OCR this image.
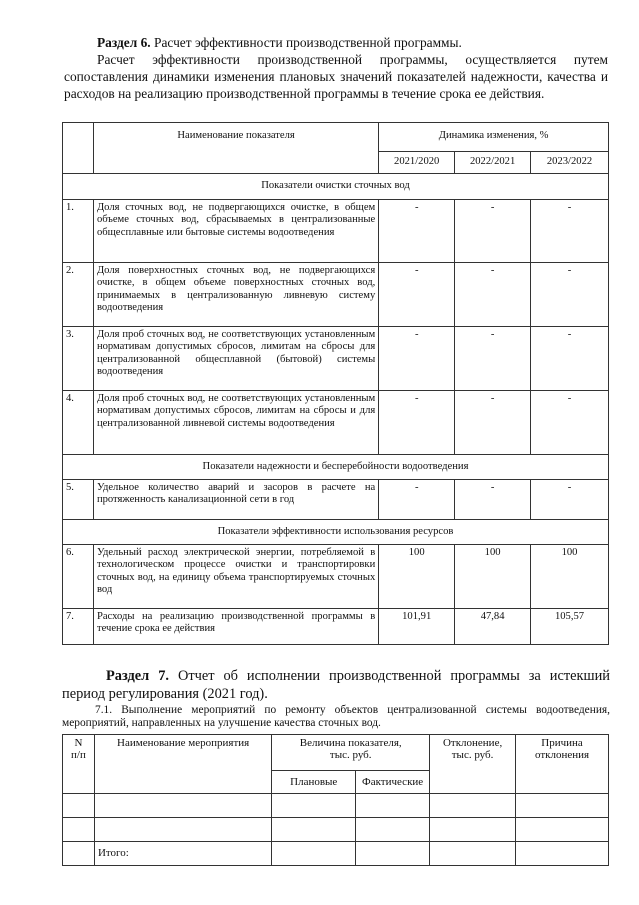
Раздел 6. Расчет эффективности производственной программы.
Расчет эффективности производственной программы, осуществляется путем сопоставления динамики изменения плановых значений показателей надежности, качества и расходов на реализацию производственной программы в течение срока ее действия.
	Наименование показателя	Динамика изменения, %		
		2021/2020	2022/2021	2023/2022
Показатели очистки сточных вод				
1.	Доля сточных вод, не подвергающихся очистке, в общем объеме сточных вод, сбрасываемых в централизованные общесплавные или бытовые системы водоотведения	-	-	-
2.	Доля поверхностных сточных вод, не подвергающихся очистке, в общем объеме поверхностных сточных вод, принимаемых в централизованную ливневую систему водоотведения	-	-	-
3.	Доля проб сточных вод, не соответствующих установленным нормативам допустимых сбросов, лимитам на сбросы для централизованной общесплавной (бытовой) системы водоотведения	-	-	-
4.	Доля проб сточных вод, не соответствующих установленным нормативам допустимых сбросов, лимитам на сбросы и для централизованной ливневой системы водоотведения	-	-	-
Показатели надежности и бесперебойности водоотведения				
5.	Удельное количество аварий и засоров в расчете на протяженность канализационной сети в год	-	-	-
Показатели эффективности использования ресурсов				
6.	Удельный расход электрической энергии, потребляемой в технологическом процессе очистки и транспортировки сточных вод, на единицу объема транспортируемых сточных вод	100	100	100
7.	Расходы на реализацию производственной программы в течение срока ее действия	101,91	47,84	105,57
Раздел 7. Отчет об исполнении производственной программы за истекший период регулирования (2021 год).
7.1. Выполнение мероприятий по ремонту объектов централизованной системы водоотведения, мероприятий, направленных на улучшение качества сточных вод.
N п/п	Наименование мероприятия	Величина показателя, тыс. руб.		Отклонение, тыс. руб.	Причина отклонения
		Плановые	Фактические		

	Итого:				
